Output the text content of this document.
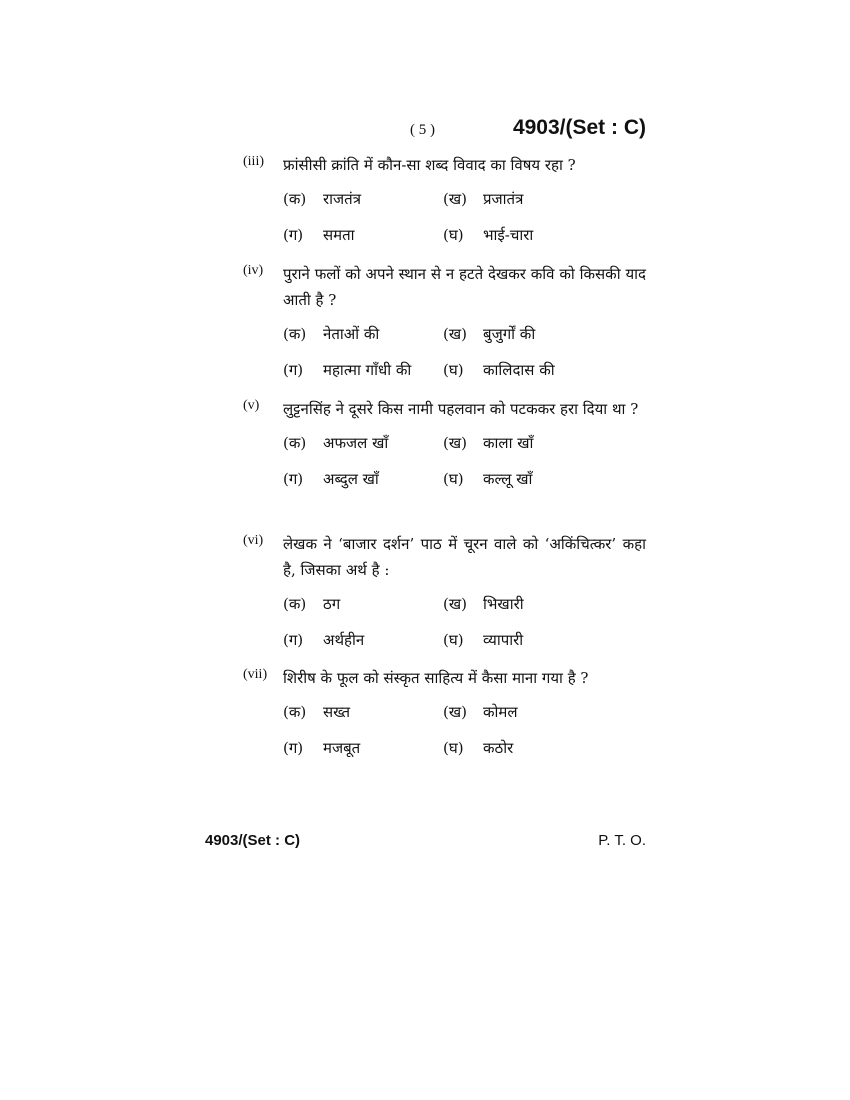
( 5 )	4903/(Set : C)
(iii) फ्रांसीसी क्रांति में कौन-सा शब्द विवाद का विषय रहा ?
(क)	राजतंत्र	(ख)	प्रजातंत्र
(ग)	समता	(घ)	भाई-चारा
(iv) पुराने फलों को अपने स्थान से न हटते देखकर कवि को किसकी याद आती है ?
(क)	नेताओं की	(ख)	बुजुर्गों की
(ग)	महात्मा गाँधी की (घ)	कालिदास की
(v) लुट्टनसिंह ने दूसरे किस नामी पहलवान को पटककर हरा दिया था ?
(क)	अफजल खाँ	(ख)	काला खाँ
(ग)	अब्दुल खाँ	(घ)	कल्लू खाँ
(vi) लेखक ने ‘बाजार दर्शन’ पाठ में चूरन वाले को ‘अकिंचित्कर’ कहा है, जिसका अर्थ है :
(क)	ठग	(ख)	भिखारी
(ग)	अर्थहीन	(घ)	व्यापारी
(vii) शिरीष के फूल को संस्कृत साहित्य में कैसा माना गया है ?
(क)	सख्त	(ख)	कोमल
(ग)	मजबूत	(घ)	कठोर
4903/(Set : C)	P. T. O.
